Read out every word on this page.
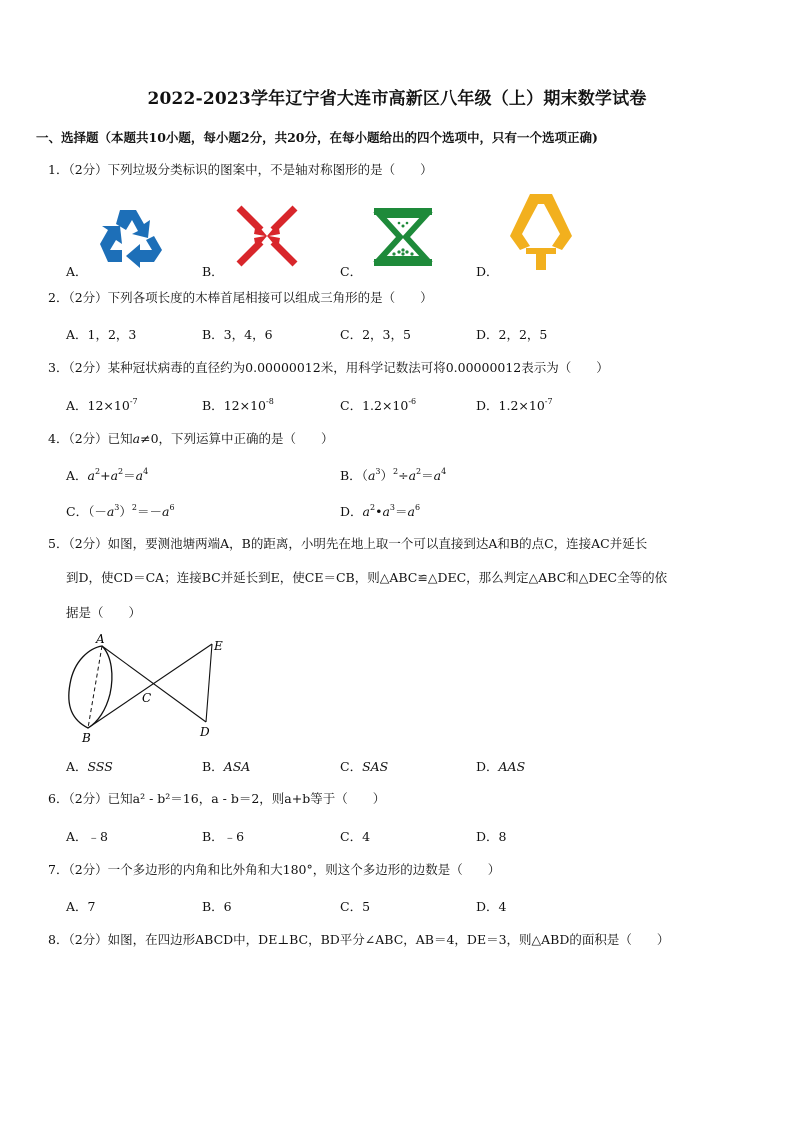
2022-2023学年辽宁省大连市高新区八年级（上）期末数学试卷
一、选择题（本题共10小题，每小题2分，共20分，在每小题给出的四个选项中，只有一个选项正确)
1．（2分）下列垃圾分类标识的图案中，不是轴对称图形的是（　　）
A．	B．	C．	D．
2．（2分）下列各项长度的木棒首尾相接可以组成三角形的是（　　）
A．1，2，3	B．3，4，6	C．2，3，5	D．2，2，5
3．（2分）某种冠状病毒的直径约为0.00000012米，用科学记数法可将0.00000012表示为（　　）
A．$12\times 10^{-7}$	B．$12\times 10^{-8}$	C．$1.2\times 10^{-6}$	D．$1.2\times 10^{-7}$
4．（2分）已知a≠0，下列运算中正确的是（　　）
A．$a^2+a^2=a^4$	B．$(a^3)^2\div a^2=a^4$
C．$(-a^3)^2=-a^6$	D．$a^2•a^3=a^6$
5．（2分）如图，要测池塘两端A，B的距离，小明先在地上取一个可以直接到达A和B的点C，连接AC并延长
到D，使CD＝CA；连接BC并延长到E，使CE＝CB，则△ABC≌△DEC，那么判定△ABC和△DEC全等的依
据是（　　）
A
B
C
D
E
A．SSS	B．ASA	C．SAS	D．AAS
6．（2分）已知a² - b²＝16，a - b＝2，则a+b等于（　　）
A．﹣8	B．﹣6	C．4	D．8
7．（2分）一个多边形的内角和比外角和大180°，则这个多边形的边数是（　　）
A．7	B．6	C．5	D．4
8．（2分）如图，在四边形ABCD中，DE⊥BC，BD平分∠ABC，AB＝4，DE＝3，则△ABD的面积是（　　）
